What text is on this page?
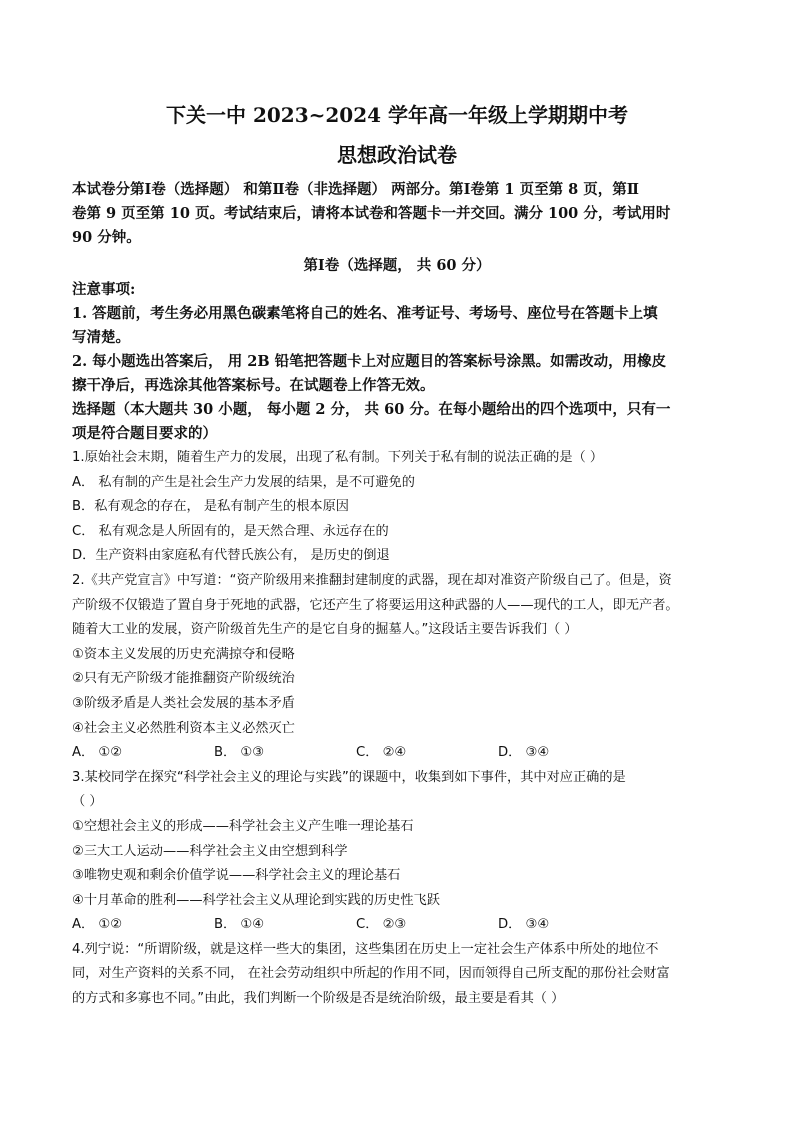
下关一中 2023~2024 学年高一年级上学期期中考

思想政治试卷

本试卷分第Ⅰ卷（选择题） 和第Ⅱ卷（非选择题） 两部分。第Ⅰ卷第 1 页至第 8 页，第Ⅱ

卷第 9 页至第 10 页。考试结束后，请将本试卷和答题卡一并交回。满分 100 分，考试用时

90 分钟。

第Ⅰ卷（选择题， 共 60 分）

注意事项:

1. 答题前，考生务必用黑色碳素笔将自己的姓名、准考证号、考场号、座位号在答题卡上填

写清楚。

2. 每小题选出答案后， 用 2B 铅笔把答题卡上对应题目的答案标号涂黑。如需改动，用橡皮

擦干净后，再选涂其他答案标号。在试题卷上作答无效。

选择题（本大题共 30 小题， 每小题 2 分， 共 60 分。在每小题给出的四个选项中，只有一

项是符合题目要求的）

1.原始社会末期，随着生产力的发展，出现了私有制。下列关于私有制的说法正确的是（ ）

A． 私有制的产生是社会生产力发展的结果，是不可避免的

B．私有观念的存在， 是私有制产生的根本原因

C． 私有观念是人所固有的，是天然合理、永远存在的

D．生产资料由家庭私有代替氏族公有， 是历史的倒退

2.《共产党宣言》中写道：“资产阶级用来推翻封建制度的武器，现在却对准资产阶级自己了。但是，资

产阶级不仅锻造了置自身于死地的武器，它还产生了将要运用这种武器的人——现代的工人，即无产者。

随着大工业的发展，资产阶级首先生产的是它自身的掘墓人。”这段话主要告诉我们（ ）

①资本主义发展的历史充满掠夺和侵略

②只有无产阶级才能推翻资产阶级统治

③阶级矛盾是人类社会发展的基本矛盾

④社会主义必然胜利资本主义必然灭亡

A． ①②	B． ①③	C． ②④	D． ③④

3.某校同学在探究“科学社会主义的理论与实践”的课题中，收集到如下事件，其中对应正确的是

（ ）

①空想社会主义的形成——科学社会主义产生唯一理论基石

②三大工人运动——科学社会主义由空想到科学

③唯物史观和剩余价值学说——科学社会主义的理论基石

④十月革命的胜利——科学社会主义从理论到实践的历史性飞跃

A． ①②	B． ①④	C． ②③	D． ③④

4.列宁说：“所谓阶级，就是这样一些大的集团，这些集团在历史上一定社会生产体系中所处的地位不

同，对生产资料的关系不同， 在社会劳动组织中所起的作用不同，因而领得自己所支配的那份社会财富

的方式和多寡也不同。”由此，我们判断一个阶级是否是统治阶级，最主要是看其（ ）
